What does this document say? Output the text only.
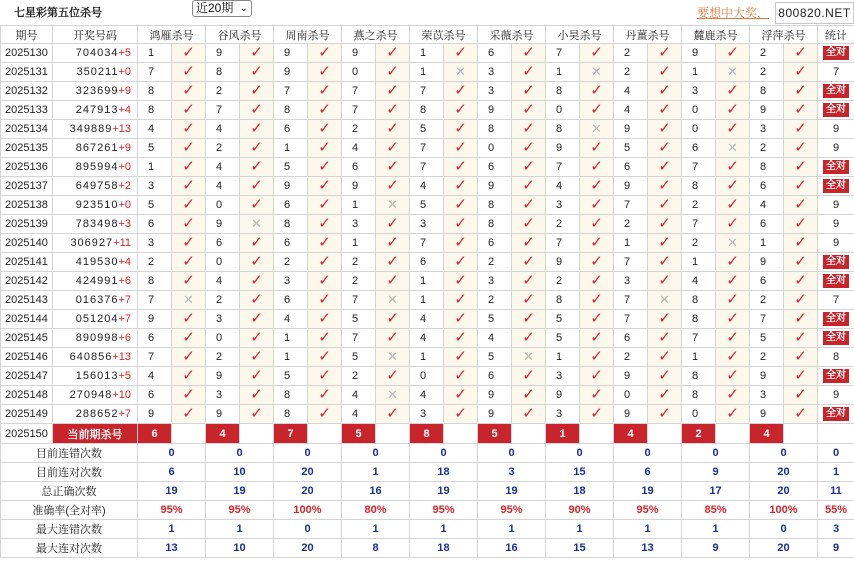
七星彩第五位杀号	近20期 ⌄	要想中大奖， 800820.NET
期号	开奖号码	鸿雁杀号		谷风杀号		周南杀号		燕之杀号		荣苡杀号		采薇杀号		小昊杀号		丹薑杀号		麓鹿杀号		浮萍杀号		统计
2025130	704034+5	1	✓	9	✓	9	✓	9	✓	1	✓	6	✓	7	✓	2	✓	9	✓	2	✓	全对
2025131	350211+0	7	✓	8	✓	9	✓	0	✓	1	✕	3	✓	1	✕	2	✓	1	✕	2	✓	7
2025132	323699+9	8	✓	2	✓	7	✓	7	✓	7	✓	3	✓	8	✓	4	✓	3	✓	8	✓	全对
2025133	247913+4	8	✓	7	✓	8	✓	7	✓	8	✓	9	✓	0	✓	4	✓	0	✓	9	✓	全对
2025134	349889+13	4	✓	4	✓	6	✓	2	✓	5	✓	8	✓	8	✕	9	✓	0	✓	3	✓	9
2025135	867261+9	5	✓	2	✓	1	✓	4	✓	7	✓	0	✓	9	✓	5	✓	6	✕	2	✓	9
2025136	895994+0	1	✓	4	✓	5	✓	6	✓	7	✓	6	✓	7	✓	6	✓	7	✓	8	✓	全对
2025137	649758+2	3	✓	4	✓	9	✓	9	✓	4	✓	9	✓	4	✓	9	✓	8	✓	6	✓	全对
2025138	923510+0	5	✓	0	✓	6	✓	1	✕	5	✓	8	✓	3	✓	7	✓	2	✓	4	✓	9
2025139	783498+3	6	✓	9	✕	8	✓	3	✓	3	✓	8	✓	2	✓	2	✓	7	✓	6	✓	9
2025140	306927+11	3	✓	6	✓	6	✓	1	✓	7	✓	6	✓	7	✓	1	✓	2	✕	1	✓	9
2025141	419530+4	2	✓	0	✓	2	✓	2	✓	6	✓	2	✓	9	✓	7	✓	1	✓	9	✓	全对
2025142	424991+6	8	✓	4	✓	3	✓	2	✓	1	✓	3	✓	2	✓	3	✓	4	✓	6	✓	全对
2025143	016376+7	7	✕	2	✓	6	✓	7	✕	1	✓	2	✓	8	✓	7	✕	8	✓	2	✓	7
2025144	051204+7	9	✓	3	✓	4	✓	5	✓	4	✓	5	✓	5	✓	7	✓	8	✓	7	✓	全对
2025145	890998+6	6	✓	0	✓	1	✓	7	✓	4	✓	4	✓	5	✓	6	✓	7	✓	5	✓	全对
2025146	640856+13	7	✓	2	✓	1	✓	5	✕	1	✓	5	✕	1	✓	2	✓	1	✓	2	✓	8
2025147	156013+5	4	✓	9	✓	5	✓	2	✓	0	✓	6	✓	3	✓	9	✓	8	✓	9	✓	全对
2025148	270948+10	6	✓	3	✓	8	✓	4	✕	4	✓	9	✓	9	✓	0	✓	8	✓	3	✓	9
2025149	288652+7	9	✓	9	✓	8	✓	4	✓	3	✓	9	✓	3	✓	9	✓	0	✓	9	✓	全对
2025150	当前期杀号	6		4		7		5		8		5		1		4		2		4		
目前连错次数		0		0		0		0		0		0		0		0		0		0		0
目前连对次数		6		10		20		1		18		3		15		6		9		20		1
总正确次数		19		19		20		16		19		19		18		19		17		20		11
准确率(全对率)		95%		95%		100%		80%		95%		95%		90%		95%		85%		100%		55%
最大连错次数		1		1		0		1		1		1		1		1		1		0		3
最大连对次数		13		10		20		8		18		16		15		13		9		20		9
